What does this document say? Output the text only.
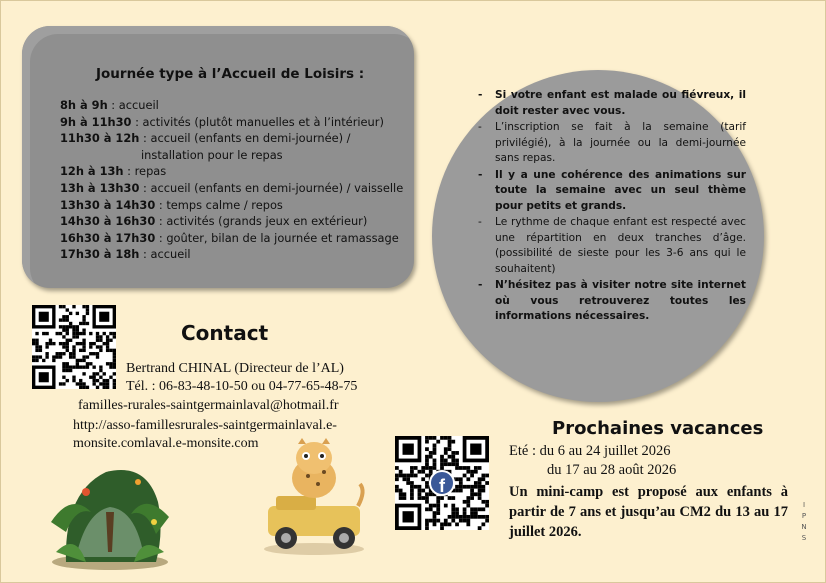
Journée type à l’Accueil de Loisirs :
8h à 9h : accueil
9h à 11h30 : activités (plutôt manuelles et à l’intérieur)
11h30 à 12h : accueil (enfants en demi-journée) /
installation pour le repas
12h à 13h : repas
13h à 13h30 : accueil (enfants en demi-journée) / vaisselle
13h30 à 14h30 : temps calme / repos
14h30 à 16h30 : activités (grands jeux en extérieur)
16h30 à 17h30 : goûter, bilan de la journée et ramassage
17h30 à 18h : accueil
- Si votre enfant est malade ou fiévreux, il doit rester avec vous.
- L’inscription se fait à la semaine (tarif privilégié), à la journée ou la demi-journée sans repas.
- Il y a une cohérence des animations sur toute la semaine avec un seul thème pour petits et grands.
- Le rythme de chaque enfant est respecté avec une répartition en deux tranches d’âge. (possibilité de sieste pour les 3-6 ans qui le souhaitent)
- N’hésitez pas à visiter notre site internet où vous retrouverez toutes les informations nécessaires.
Contact
Bertrand CHINAL (Directeur de l’AL)
Tél. : 06-83-48-10-50 ou 04-77-65-48-75
familles-rurales-saintgermainlaval@hotmail.fr
http://asso-famillesrurales-saintgermainlaval.e-monsite.comlaval.e-monsite.com
f
Prochaines vacances
Eté : du 6 au 24 juillet 2026
du 17 au 28 août 2026
Un mini-camp est proposé aux enfants à partir de 7 ans et jusqu’au CM2 du 13 au 17 juillet 2026.
I
P
N
S
